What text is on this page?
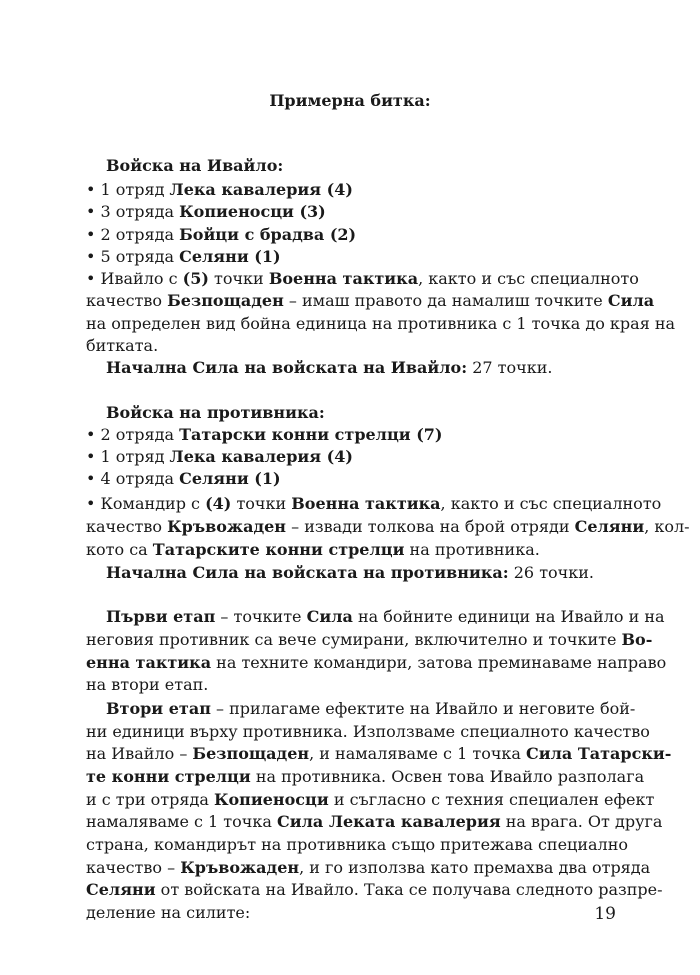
Примерна битка:
Войска на Ивайло:
• 1 отряд Лека кавалерия (4)
• 3 отряда Копиеносци (3)
• 2 отряда Бойци с брадва (2)
• 5 отряда Селяни (1)
• Ивайло с (5) точки Военна тактика, както и със специалното
качество Безпощаден – имаш правото да намалиш точките Сила
на определен вид бойна единица на противника с 1 точка до края на
битката.
Начална Сила на войската на Ивайло: 27 точки.
Войска на противника:
• 2 отряда Татарски конни стрелци (7)
• 1 отряд Лека кавалерия (4)
• 4 отряда Селяни (1)
• Командир с (4) точки Военна тактика, както и със специалното
качество Кръвожаден – извади толкова на брой отряди Селяни, кол-
кото са Татарските конни стрелци на противника.
Начална Сила на войската на противника: 26 точки.
Първи етап – точките Сила на бойните единици на Ивайло и на
неговия противник са вече сумирани, включително и точките Во-
енна тактика на техните командири, затова преминаваме направо
на втори етап.
Втори етап – прилагаме ефектите на Ивайло и неговите бой-
ни единици върху противника. Използваме специалното качество
на Ивайло – Безпощаден, и намаляваме с 1 точка Сила Татарски-
те конни стрелци на противника. Освен това Ивайло разполага
и с три отряда Копиеносци и съгласно с техния специален ефект
намаляваме с 1 точка Сила Леката кавалерия на врага. От друга
страна, командирът на противника също притежава специално
качество – Кръвожаден, и го използва като премахва два отряда
Селяни от войската на Ивайло. Така се получава следното разпре-
деление на силите:	19
